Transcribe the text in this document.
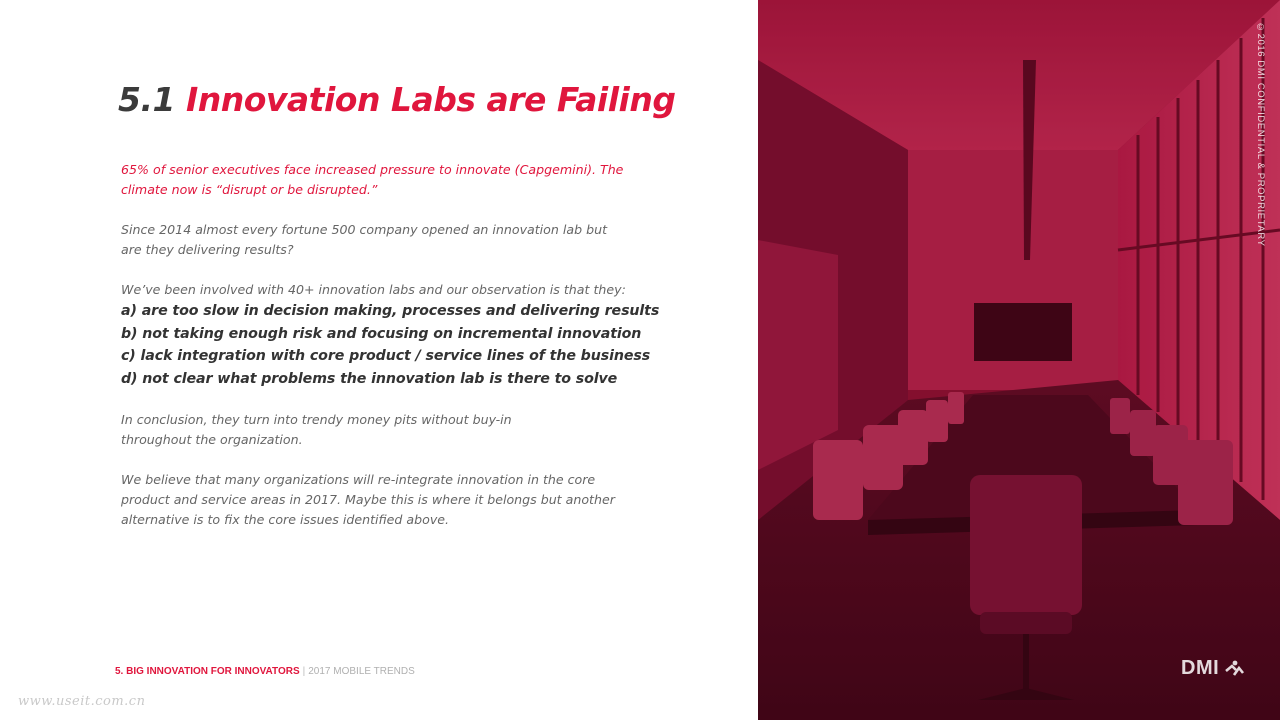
5.1 Innovation Labs are Failing

65% of senior executives face increased pressure to innovate (Capgemini). The
climate now is “disrupt or be disrupted.”

Since 2014 almost every fortune 500 company opened an innovation lab but
are they delivering results?

We’ve been involved with 40+ innovation labs and our observation is that they:

a) are too slow in decision making, processes and delivering results
b) not taking enough risk and focusing on incremental innovation
c) lack integration with core product / service lines of the business
d) not clear what problems the innovation lab is there to solve

In conclusion, they turn into trendy money pits without buy-in
throughout the organization.

We believe that many organizations will re-integrate innovation in the core
product and service areas in 2017. Maybe this is where it belongs but another
alternative is to fix the core issues identified above.

5. BIG INNOVATION FOR INNOVATORS | 2017 MOBILE TRENDS
www.useit.com.cn
©2016 DMI CONFIDENTIAL & PROPRIETARY
DMI
